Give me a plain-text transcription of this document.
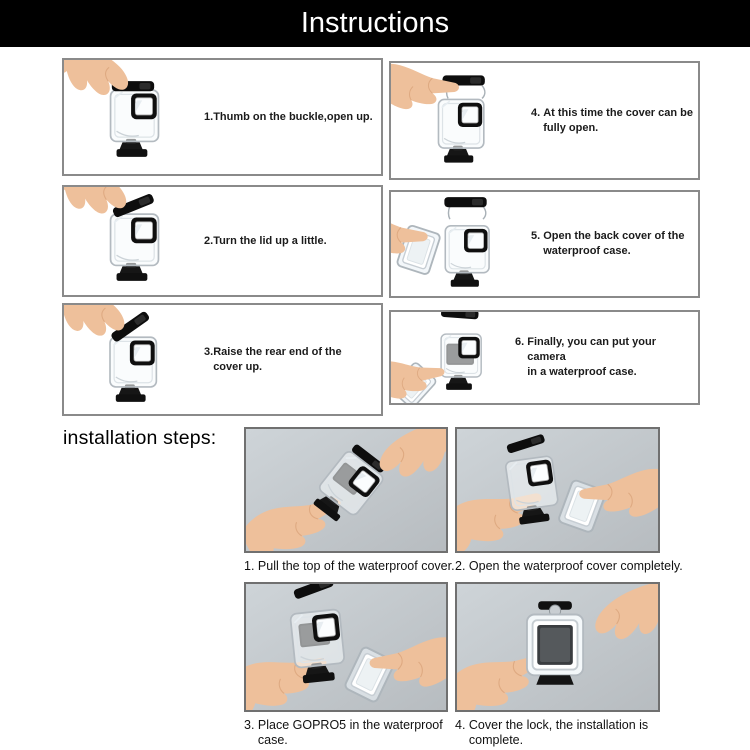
Instructions
1. Thumb on the buckle,open up.
2. Turn the lid up a little.
3. Raise the rear end of the
cover up.
4. At this time the cover can be
fully open.
5. Open the back cover of the
waterproof case.
6. Finally, you can put your camera
in a waterproof case.
installation steps:
1. Pull the top of the waterproof cover. 2. Open the waterproof cover completely.
3. Place GOPRO5 in the waterproof
case.
4. Cover the lock, the installation is
complete.
